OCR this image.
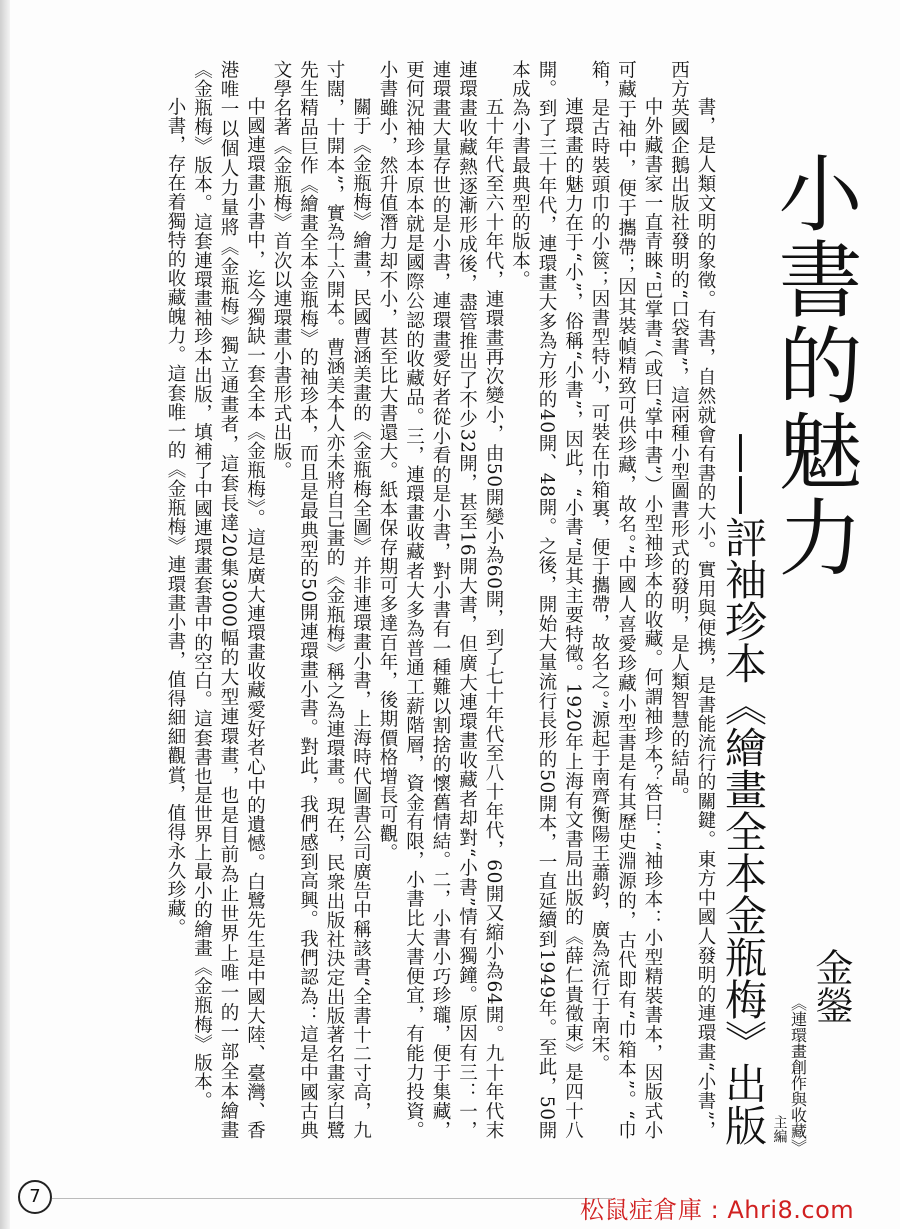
小書的魅力
——評袖珍本《繪畫全本金瓶梅》出版 金鎣
《連環畫創作與收藏》
主編

書，是人類文明的象徵。有書，自然就會有書的大小。實用與便携，是書能流行的關鍵。東方中國人發明的連環畫“小書”，西方英國企鵝出版社發明的“口袋書”，這兩種小型圖書形式的發明，是人類智慧的結晶。

中外藏書家一直青睞“巴掌書”（或曰“掌中書”）小型袖珍本的收藏。何謂袖珍本？答曰：“袖珍本：小型精裝書本，因版式小可藏于袖中，便于攜帶；因其裝幀精致可供珍藏，故名。”中國人喜愛珍藏小型書是有其歷史淵源的，古代即有“巾箱本”。“巾箱，是古時裝頭巾的小篋；因書型特小，可裝在巾箱裏，便于攜帶，故名之。”源起于南齊衡陽王蕭鈞，廣為流行于南宋。

連環畫的魅力在于“小”，俗稱“小書”，因此，“小書”是其主要特徵。1920年上海有文書局出版的《薛仁貴徵東》是四十八開。到了三十年代，連環畫大多為方形的40開、48開。之後，開始大量流行長形的50開本，一直延續到1949年。至此，50開本成為小書最典型的版本。

五十年代至六十年代，連環畫再次變小，由50開變小為60開，到了七十年代至八十年代，60開又縮小為64開。九十年代末連環畫收藏熱逐漸形成後，盡管推出了不少32開，甚至16開大書，但廣大連環畫收藏者却對“小書”情有獨鐘。原因有三：一，連環畫大量存世的是小書，連環畫愛好者從小看的是小書，對小書有一種難以割捨的懷舊情結。二，小書小巧珍瓏，便于集藏，更何況袖珍本原本就是國際公認的收藏品。三，連環畫收藏者大多為普通工薪階層，資金有限，小書比大書便宜，有能力投資。小書雖小，然升值潛力却不小，甚至比大書還大。紙本保存期可多達百年，後期價格增長可觀。

關于《金瓶梅》繪畫，民國曹涵美畫的《金瓶梅全圖》并非連環畫小書，上海時代圖書公司廣告中稱該書“全書十二寸高，九寸闊，十開本”，實為十六開本。曹涵美本人亦未將自己畫的《金瓶梅》稱之為連環畫。現在，民衆出版社決定出版著名畫家白鷺先生精品巨作《繪畫全本金瓶梅》的袖珍本，而且是最典型的50開連環畫小書。對此，我們感到高興。我們認為：這是中國古典文學名著《金瓶梅》首次以連環畫小書形式出版。

中國連環畫小書中，迄今獨缺一套全本《金瓶梅》。這是廣大連環畫收藏愛好者心中的遺憾。白鷺先生是中國大陸、臺灣、香港唯一以個人力量將《金瓶梅》獨立通畫者，這套長達20集3000幅的大型連環畫，也是目前為止世界上唯一的一部全本繪畫《金瓶梅》版本。這套連環畫袖珍本出版，填補了中國連環畫套書中的空白。這套書也是世界上最小的繪畫《金瓶梅》版本。

小書，存在着獨特的收藏魄力。這套唯一的《金瓶梅》連環畫小書，值得細細觀賞，值得永久珍藏。

7	松鼠症倉庫 : Ahri8.com
